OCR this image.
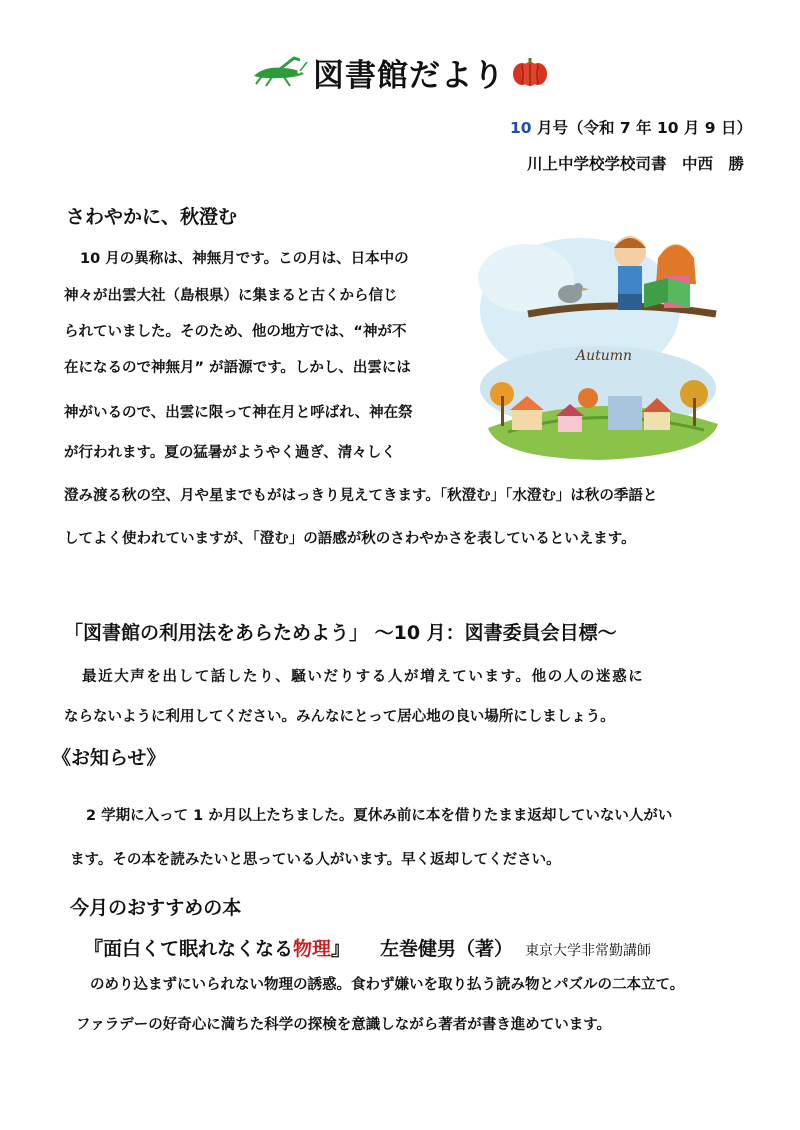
図書館だより
10 月号（令和 7 年 10 月 9 日）
川上中学校学校司書　中西　勝
さわやかに、秋澄む
10 月の異称は、神無月です。この月は、日本中の
神々が出雲大社（島根県）に集まると古くから信じ
られていました。そのため、他の地方では、“神が不
在になるので神無月” が語源です。しかし、出雲には
神がいるので、出雲に限って神在月と呼ばれ、神在祭
が行われます。夏の猛暑がようやく過ぎ、清々しく
澄み渡る秋の空、月や星までもがはっきり見えてきます。「秋澄む」「水澄む」は秋の季語と
してよく使われていますが、「澄む」の語感が秋のさわやかさを表しているといえます。
Autumn
「図書館の利用法をあらためよう」 ～10 月：図書委員会目標～
最近大声を出して話したり、騒いだりする人が増えています。他の人の迷惑に
ならないように利用してください。みんなにとって居心地の良い場所にしましょう。
《お知らせ》
2 学期に入って 1 か月以上たちました。夏休み前に本を借りたまま返却していない人がい
ます。その本を読みたいと思っている人がいます。早く返却してください。
今月のおすすめの本
『面白くて眠れなくなる物理』 左巻健男（著） 東京大学非常勤講師
のめり込まずにいられない物理の誘惑。食わず嫌いを取り払う読み物とパズルの二本立て。
ファラデーの好奇心に満ちた科学の探検を意識しながら著者が書き進めています。
